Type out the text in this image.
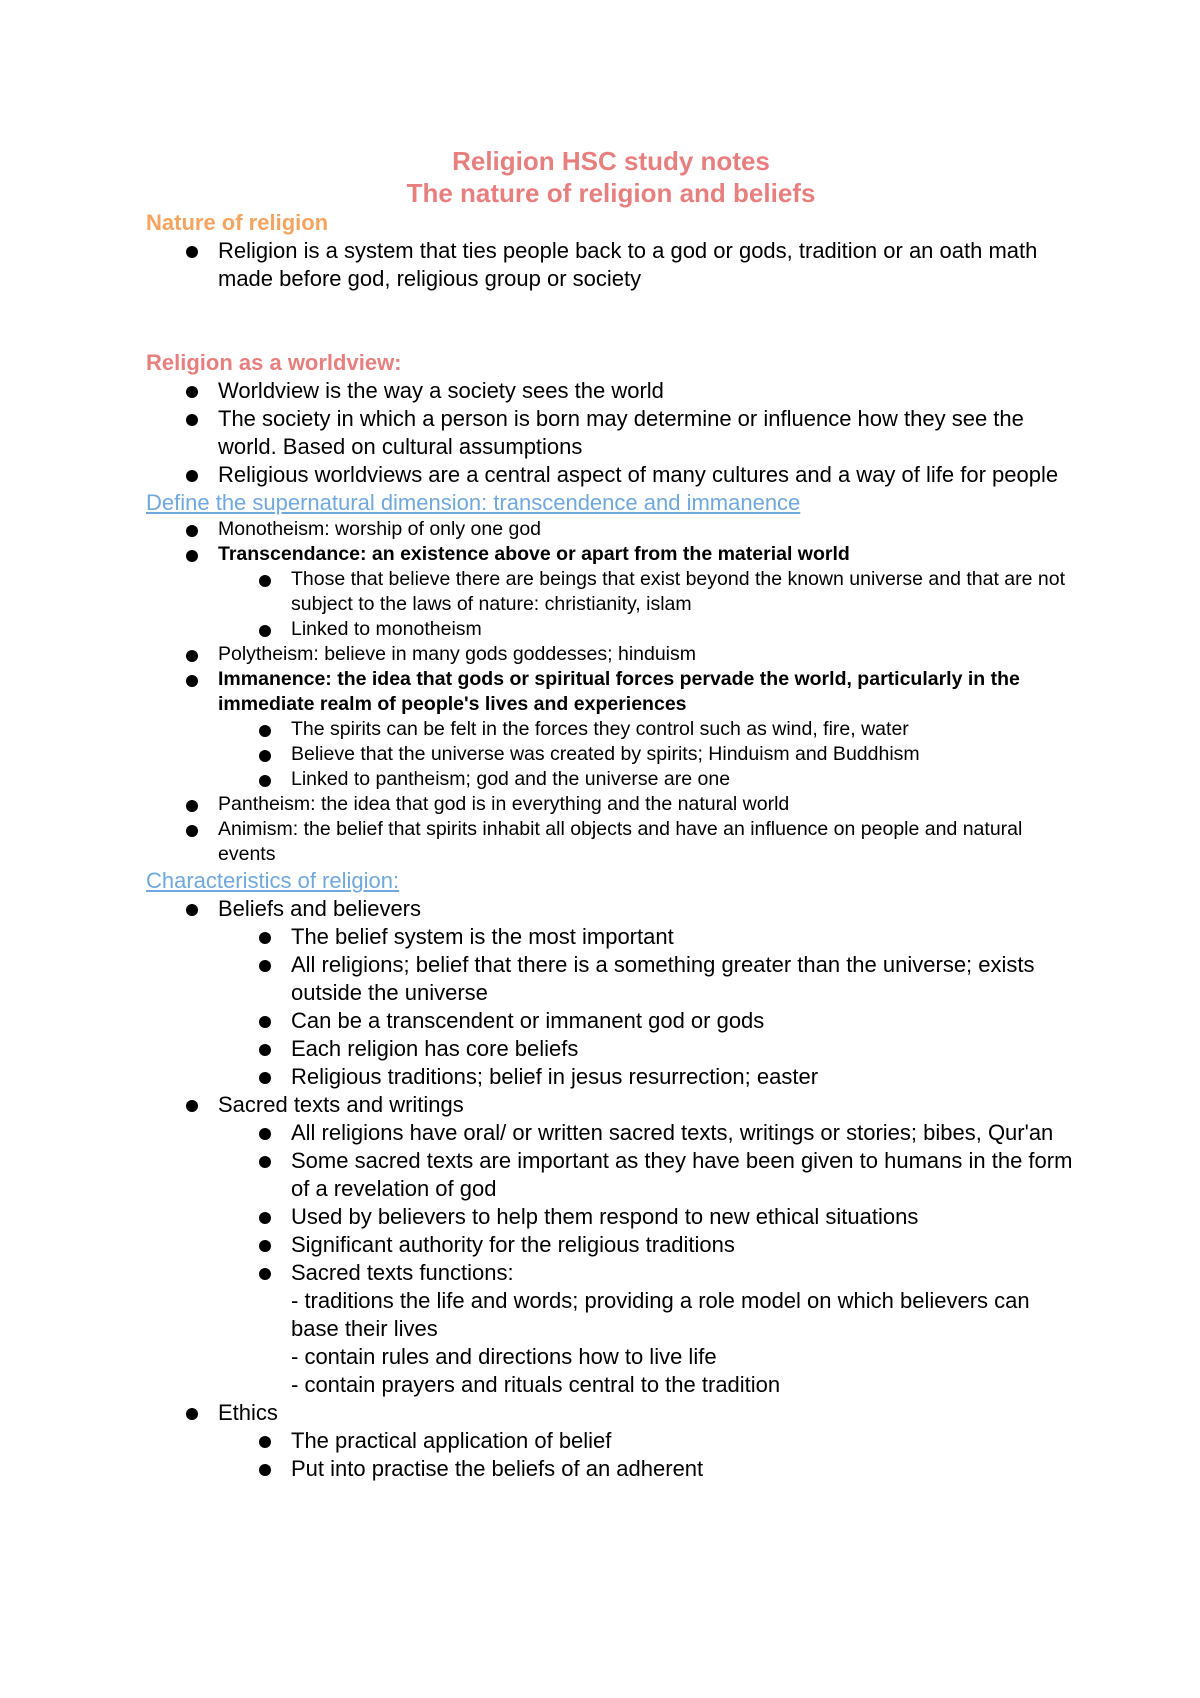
Religion HSC study notes

The nature of religion and beliefs

Nature of religion

Religion is a system that ties people back to a god or gods, tradition or an oath math made before god, religious group or society

Religion as a worldview:

Worldview is the way a society sees the world
The society in which a person is born may determine or influence how they see the world. Based on cultural assumptions
Religious worldviews are a central aspect of many cultures and a way of life for people
Define the supernatural dimension: transcendence and immanence
Monotheism: worship of only one god
Transcendance: an existence above or apart from the material world
Those that believe there are beings that exist beyond the known universe and that are not subject to the laws of nature: christianity, islam
Linked to monotheism
Polytheism: believe in many gods goddesses; hinduism
Immanence: the idea that gods or spiritual forces pervade the world, particularly in the immediate realm of people's lives and experiences
The spirits can be felt in the forces they control such as wind, fire, water
Believe that the universe was created by spirits; Hinduism and Buddhism
Linked to pantheism; god and the universe are one
Pantheism: the idea that god is in everything and the natural world
Animism: the belief that spirits inhabit all objects and have an influence on people and natural events
Characteristics of religion:
Beliefs and believers
The belief system is the most important
All religions; belief that there is a something greater than the universe; exists outside the universe
Can be a transcendent or immanent god or gods
Each religion has core beliefs
Religious traditions; belief in jesus resurrection; easter
Sacred texts and writings
All religions have oral/ or written sacred texts, writings or stories; bibes, Qur'an
Some sacred texts are important as they have been given to humans in the form of a revelation of god
Used by believers to help them respond to new ethical situations
Significant authority for the religious traditions
Sacred texts functions:
- traditions the life and words; providing a role model on which believers can base their lives
- contain rules and directions how to live life
- contain prayers and rituals central to the tradition
Ethics
The practical application of belief
Put into practise the beliefs of an adherent
